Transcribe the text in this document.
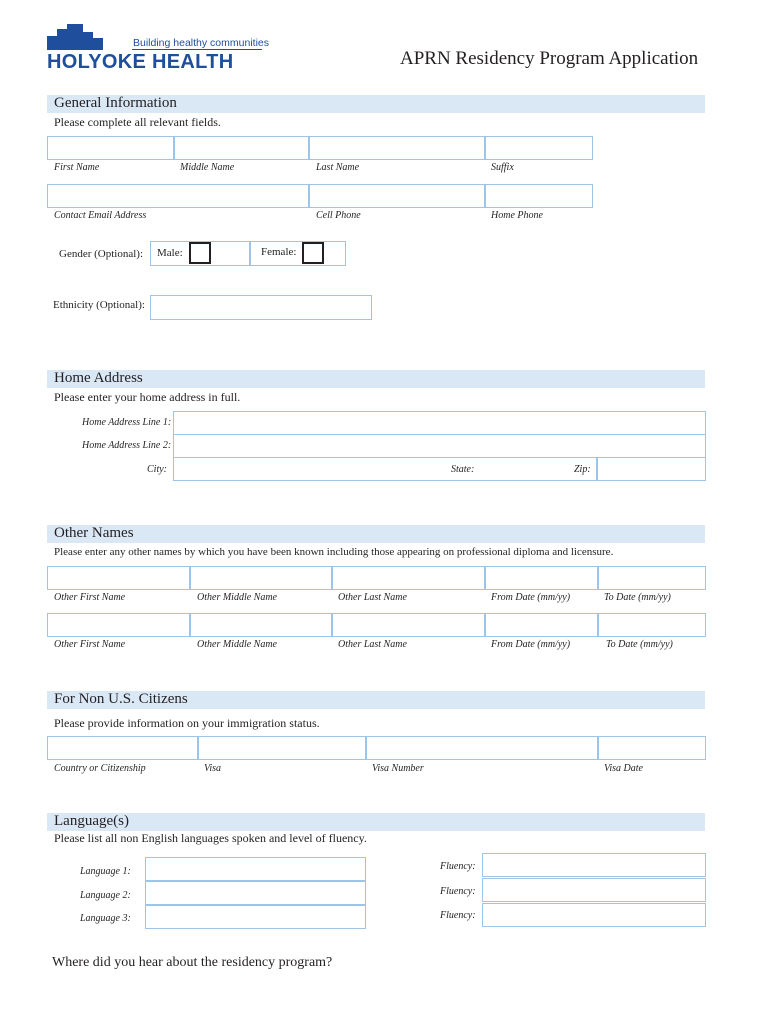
Building healthy communities
HOLYOKE HEALTH	APRN Residency Program Application
General Information
Please complete all relevant fields.
First Name	Middle Name	Last Name	Suffix
Contact Email Address	Cell Phone	Home Phone
Gender (Optional): Male:	Female:
Ethnicity (Optional):
Home Address
Please enter your home address in full.
Home Address Line 1:
Home Address Line 2:
City:	State:	Zip:
Other Names
Please enter any other names by which you have been known including those appearing on professional diploma and licensure.
Other First Name	Other Middle Name	Other Last Name	From Date (mm/yy)	To Date (mm/yy)
Other First Name	Other Middle Name	Other Last Name	From Date (mm/yy)	To Date (mm/yy)
For Non U.S. Citizens
Please provide information on your immigration status.
Country or Citizenship	Visa	Visa Number	Visa Date
Language(s)
Please list all non English languages spoken and level of fluency.
Language 1:	Fluency:
Language 2:	Fluency:
Language 3:	Fluency:
Where did you hear about the residency program?
